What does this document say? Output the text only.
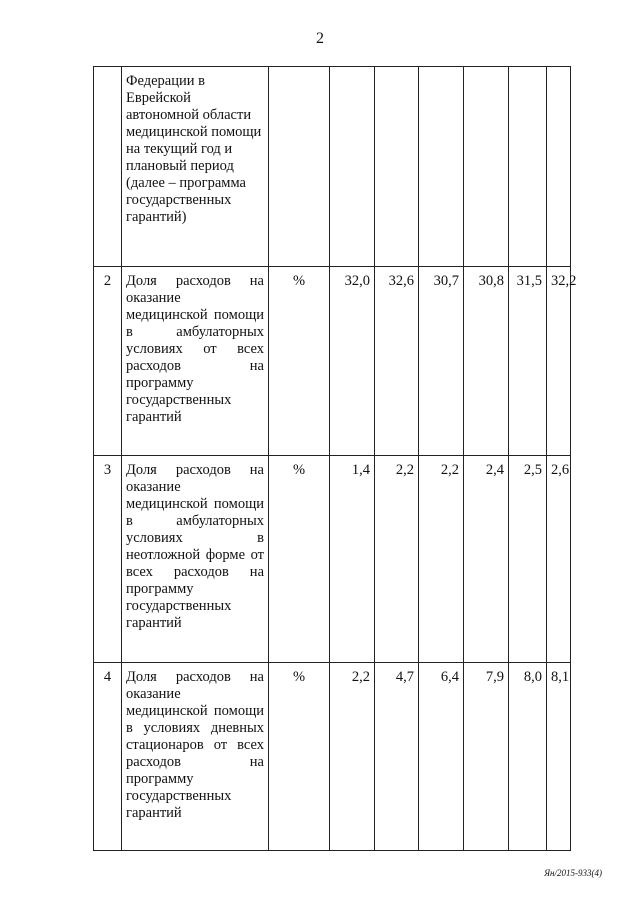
2
	Федерации в Еврейской автономной области медицинской помощи на текущий год и плановый период (далее – программа государственных гарантий)							
2	Доля расходов на оказание медицинской помощи в амбулаторных условиях от всех расходов на программу государственных гарантий	%	32,0	32,6	30,7	30,8	31,5	32,2
3	Доля расходов на оказание медицинской помощи в амбулаторных условиях в неотложной форме от всех расходов на программу государственных гарантий	%	1,4	2,2	2,2	2,4	2,5	2,6
4	Доля расходов на оказание медицинской помощи в условиях дневных стационаров от всех расходов на программу государственных гарантий	%	2,2	4,7	6,4	7,9	8,0	8,1
Ян/2015-933(4)
